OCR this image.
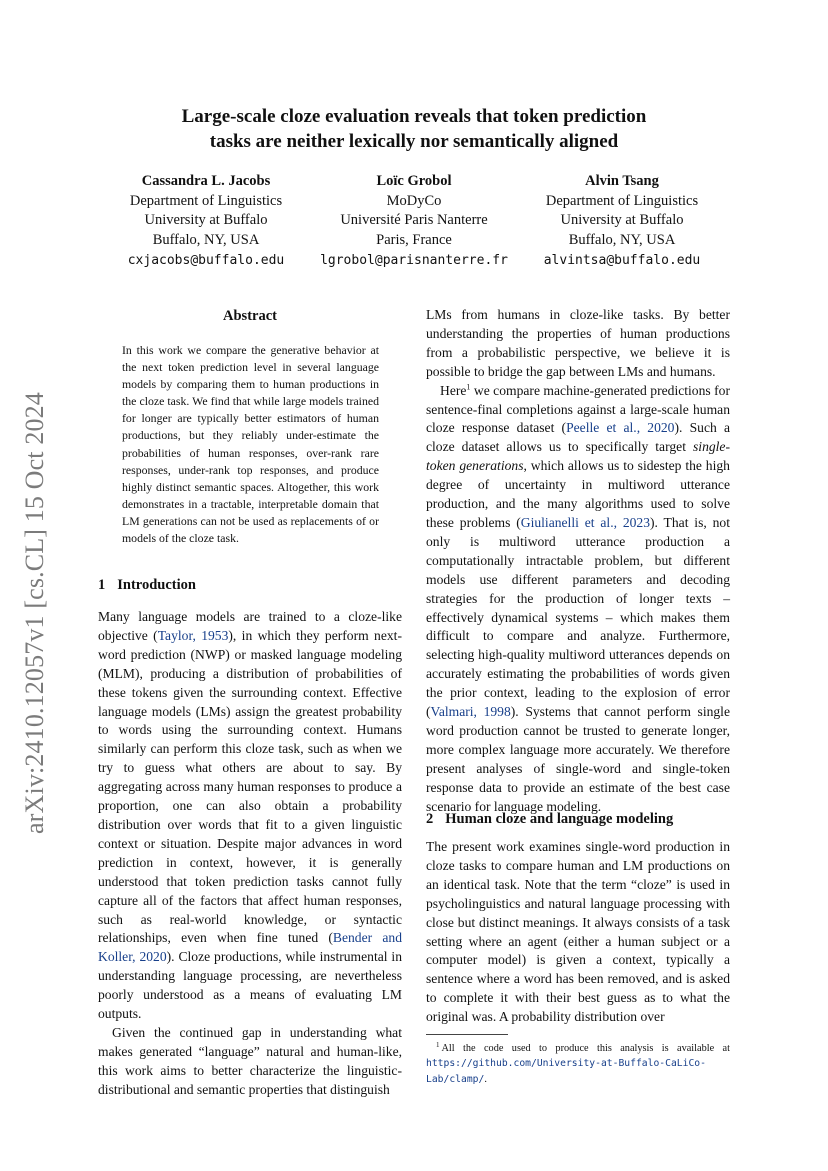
arXiv:2410.12057v1 [cs.CL] 15 Oct 2024
Large-scale cloze evaluation reveals that token prediction
tasks are neither lexically nor semantically aligned
Cassandra L. Jacobs
Department of Linguistics
University at Buffalo
Buffalo, NY, USA
cxjacobs@buffalo.edu
Loïc Grobol
MoDyCo
Université Paris Nanterre
Paris, France
lgrobol@parisnanterre.fr
Alvin Tsang
Department of Linguistics
University at Buffalo
Buffalo, NY, USA
alvintsa@buffalo.edu
Abstract
In this work we compare the generative behavior at the next token prediction level in several language models by comparing them to human productions in the cloze task. We find that while large models trained for longer are typically better estimators of human productions, but they reliably under-estimate the probabilities of human responses, over-rank rare responses, under-rank top responses, and produce highly distinct semantic spaces. Altogether, this work demonstrates in a tractable, interpretable domain that LM generations can not be used as replacements of or models of the cloze task.
1 Introduction

Many language models are trained to a cloze-like objective (Taylor, 1953), in which they perform next-word prediction (NWP) or masked language modeling (MLM), producing a distribution of probabilities of these tokens given the surrounding context. Effective language models (LMs) assign the greatest probability to words using the surrounding context. Humans similarly can perform this cloze task, such as when we try to guess what others are about to say. By aggregating across many human responses to produce a proportion, one can also obtain a probability distribution over words that fit to a given linguistic context or situation. Despite major advances in word prediction in context, however, it is generally understood that token prediction tasks cannot fully capture all of the factors that affect human responses, such as real-world knowledge, or syntactic relationships, even when fine tuned (Bender and Koller, 2020). Cloze productions, while instrumental in understanding language processing, are nevertheless poorly understood as a means of evaluating LM outputs.

Given the continued gap in understanding what makes generated “language” natural and human-like, this work aims to better characterize the linguistic-distributional and semantic properties that distinguish

LMs from humans in cloze-like tasks. By better understanding the properties of human productions from a probabilistic perspective, we believe it is possible to bridge the gap between LMs and humans.

Here$^1$ we compare machine-generated predictions for sentence-final completions against a large-scale human cloze response dataset (Peelle et al., 2020). Such a cloze dataset allows us to specifically target single-token generations, which allows us to sidestep the high degree of uncertainty in multiword utterance production, and the many algorithms used to solve these problems (Giulianelli et al., 2023). That is, not only is multiword utterance production a computationally intractable problem, but different models use different parameters and decoding strategies for the production of longer texts – effectively dynamical systems – which makes them difficult to compare and analyze. Furthermore, selecting high-quality multiword utterances depends on accurately estimating the probabilities of words given the prior context, leading to the explosion of error (Valmari, 1998). Systems that cannot perform single word production cannot be trusted to generate longer, more complex language more accurately. We therefore present analyses of single-word and single-token response data to provide an estimate of the best case scenario for language modeling.

2 Human cloze and language modeling

The present work examines single-word production in cloze tasks to compare human and LM productions on an identical task. Note that the term “cloze” is used in psycholinguistics and natural language processing with close but distinct meanings. It always consists of a task setting where an agent (either a human subject or a computer model) is given a context, typically a sentence where a word has been removed, and is asked to complete it with their best guess as to what the original was. A probability distribution over

$^1$ All the code used to produce this analysis is available at https://github.com/University-at-Buffalo-CaLiCo-Lab/clamp/.
